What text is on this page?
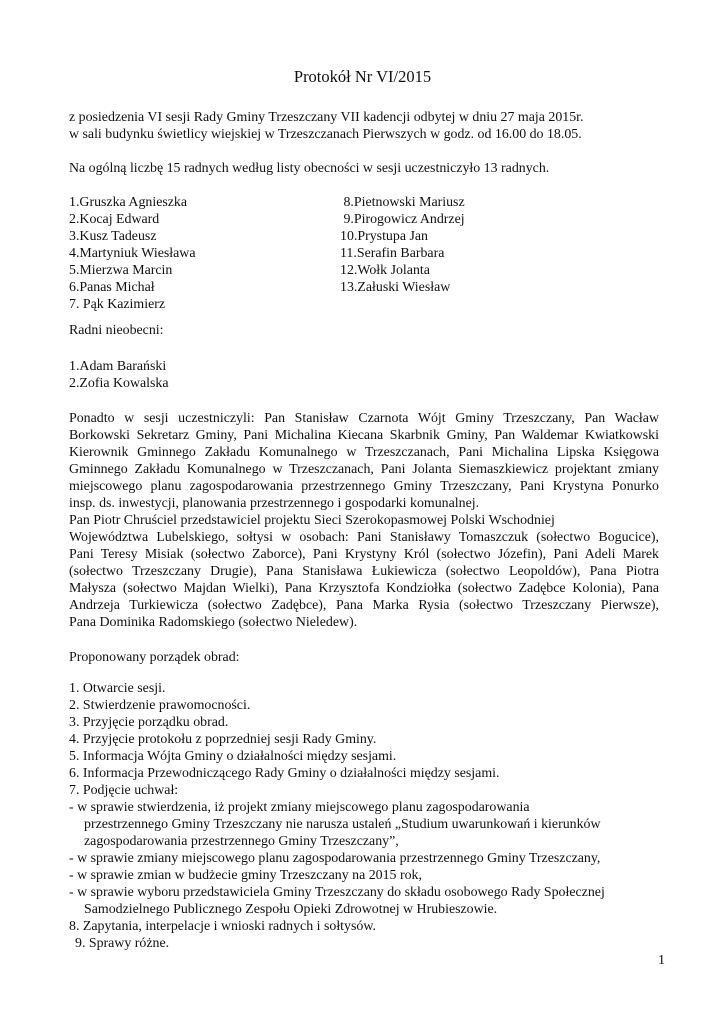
Protokół Nr VI/2015
z posiedzenia VI sesji Rady Gminy Trzeszczany VII kadencji odbytej w dniu 27 maja 2015r.
w sali budynku świetlicy wiejskiej w Trzeszczanach Pierwszych w godz. od 16.00 do 18.05.
Na ogólną liczbę 15 radnych według listy obecności w sesji uczestniczyło 13 radnych.
1.Gruszka Agnieszka
2.Kocaj Edward
3.Kusz Tadeusz
4.Martyniuk Wiesława
5.Mierzwa Marcin
6.Panas Michał
7. Pąk Kazimierz
8.Pietnowski Mariusz
9.Pirogowicz Andrzej
10.Prystupa Jan
11.Serafin Barbara
12.Wołk Jolanta
13.Załuski Wiesław
Radni nieobecni:
1.Adam Barański
2.Zofia Kowalska
Ponadto w sesji uczestniczyli: Pan Stanisław Czarnota Wójt Gminy Trzeszczany, Pan Wacław
Borkowski Sekretarz Gminy, Pani Michalina Kiecana Skarbnik Gminy, Pan Waldemar Kwiatkowski
Kierownik Gminnego Zakładu Komunalnego w Trzeszczanach, Pani Michalina Lipska Księgowa
Gminnego Zakładu Komunalnego w Trzeszczanach, Pani Jolanta Siemaszkiewicz projektant zmiany
miejscowego planu zagospodarowania przestrzennego Gminy Trzeszczany, Pani Krystyna Ponurko
insp. ds. inwestycji, planowania przestrzennego i gospodarki komunalnej.
Pan Piotr Chruściel przedstawiciel projektu Sieci Szerokopasmowej Polski Wschodniej
Województwa Lubelskiego, sołtysi w osobach: Pani Stanisławy Tomaszczuk (sołectwo Bogucice),
Pani Teresy Misiak (sołectwo Zaborce), Pani Krystyny Król (sołectwo Józefin), Pani Adeli Marek
(sołectwo Trzeszczany Drugie), Pana Stanisława Łukiewicza (sołectwo Leopoldów), Pana Piotra
Małysza (sołectwo Majdan Wielki), Pana Krzysztofa Kondziołka (sołectwo Zadębce Kolonia), Pana
Andrzeja Turkiewicza (sołectwo Zadębce), Pana Marka Rysia (sołectwo Trzeszczany Pierwsze),
Pana Dominika Radomskiego (sołectwo Nieledew).
Proponowany porządek obrad:
1. Otwarcie sesji.
2. Stwierdzenie prawomocności.
3. Przyjęcie porządku obrad.
4. Przyjęcie protokołu z poprzedniej sesji Rady Gminy.
5. Informacja Wójta Gminy o działalności między sesjami.
6. Informacja Przewodniczącego Rady Gminy o działalności między sesjami.
7. Podjęcie uchwał:
- w sprawie stwierdzenia, iż projekt zmiany miejscowego planu zagospodarowania
przestrzennego Gminy Trzeszczany nie narusza ustaleń „Studium uwarunkowań i kierunków
zagospodarowania przestrzennego Gminy Trzeszczany”,
- w sprawie zmiany miejscowego planu zagospodarowania przestrzennego Gminy Trzeszczany,
- w sprawie zmian w budżecie gminy Trzeszczany na 2015 rok,
- w sprawie wyboru przedstawiciela Gminy Trzeszczany do składu osobowego Rady Społecznej
Samodzielnego Publicznego Zespołu Opieki Zdrowotnej w Hrubieszowie.
8. Zapytania, interpelacje i wnioski radnych i sołtysów.
9. Sprawy różne.
1
